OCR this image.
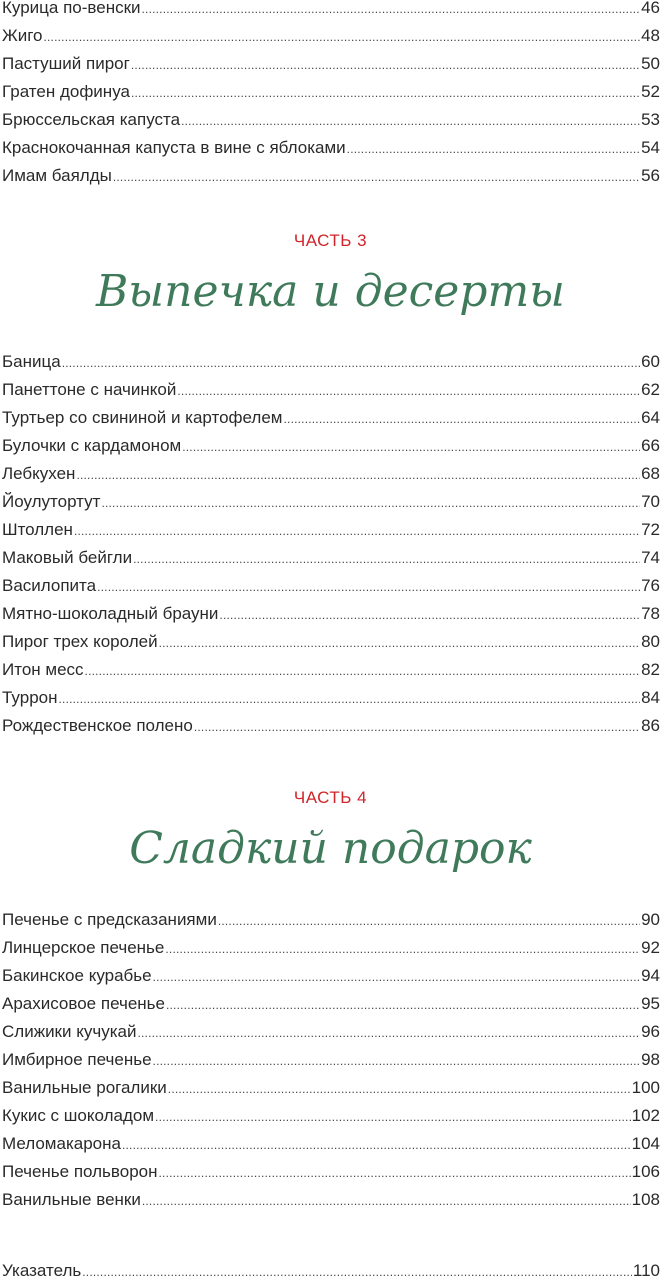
Курица по-венски .....	46
Жиго .....	48
Пастуший пирог .....	50
Гратен дофинуа .....	52
Брюссельская капуста .....	53
Краснокочанная капуста в вине с яблоками .....	54
Имам баялды .....	56
ЧАСТЬ 3
Выпечка и десерты
Баница .....	60
Панеттоне с начинкой .....	62
Туртьер со свининой и картофелем .....	64
Булочки с кардамоном .....	66
Лебкухен .....	68
Йоулутортут .....	70
Штоллен .....	72
Маковый бейгли .....	74
Василопита .....	76
Мятно-шоколадный брауни .....	78
Пирог трех королей .....	80
Итон месс .....	82
Туррон .....	84
Рождественское полено .....	86
ЧАСТЬ 4
Сладкий подарок
Печенье с предсказаниями .....	90
Линцерское печенье .....	92
Бакинское курабье .....	94
Арахисовое печенье .....	95
Слижики кучукай .....	96
Имбирное печенье .....	98
Ванильные рогалики .....	100
Кукис с шоколадом .....	102
Меломакарона .....	104
Печенье польворон .....	106
Ванильные венки .....	108
Указатель .....	110
